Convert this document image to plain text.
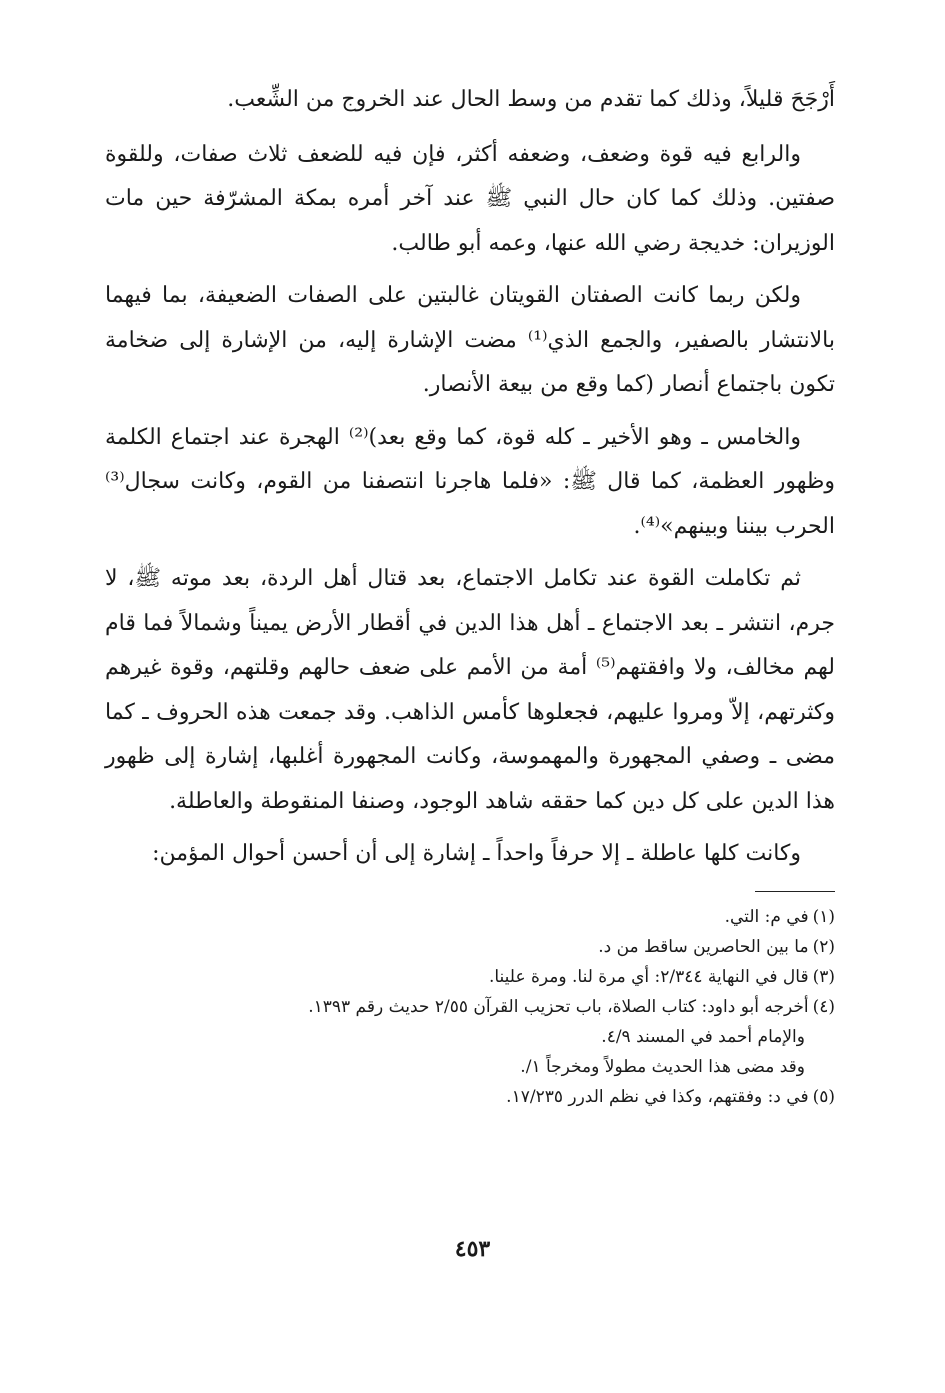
أَرْجَحَ قليلاً، وذلك كما تقدم من وسط الحال عند الخروج من الشِّعب.

والرابع فيه قوة وضعف، وضعفه أكثر، فإن فيه للضعف ثلاث صفات، وللقوة صفتين. وذلك كما كان حال النبي ﷺ عند آخر أمره بمكة المشرّفة حين مات الوزيران: خديجة رضي الله عنها، وعمه أبو طالب.

ولكن ربما كانت الصفتان القويتان غالبتين على الصفات الضعيفة، بما فيهما بالانتشار بالصفير، والجمع الذي⁽¹⁾ مضت الإشارة إليه، من الإشارة إلى ضخامة تكون باجتماع أنصار (كما وقع من بيعة الأنصار.

والخامس ـ وهو الأخير ـ كله قوة، كما وقع بعد)⁽²⁾ الهجرة عند اجتماع الكلمة وظهور العظمة، كما قال ﷺ: «فلما هاجرنا انتصفنا من القوم، وكانت سجال⁽³⁾ الحرب بيننا وبينهم»⁽⁴⁾.

ثم تكاملت القوة عند تكامل الاجتماع، بعد قتال أهل الردة، بعد موته ﷺ، لا جرم، انتشر ـ بعد الاجتماع ـ أهل هذا الدين في أقطار الأرض يميناً وشمالاً فما قام لهم مخالف، ولا وافقتهم⁽⁵⁾ أمة من الأمم على ضعف حالهم وقلتهم، وقوة غيرهم وكثرتهم، إلاّ ومروا عليهم، فجعلوها كأمس الذاهب. وقد جمعت هذه الحروف ـ كما مضى ـ وصفي المجهورة والمهموسة، وكانت المجهورة أغلبها، إشارة إلى ظهور هذا الدين على كل دين كما حققه شاهد الوجود، وصنفا المنقوطة والعاطلة.

وكانت كلها عاطلة ـ إلا حرفاً واحداً ـ إشارة إلى أن أحسن أحوال المؤمن:

(١)في م: التي.

(٢)ما بين الحاصرين ساقط من د.

(٣)قال في النهاية ٢/٣٤٤: أي مرة لنا. ومرة علينا.

(٤)أخرجه أبو داود: كتاب الصلاة، باب تحزيب القرآن ٢/٥٥ حديث رقم ١٣٩٣.

والإمام أحمد في المسند ٤/٩.

وقد مضى هذا الحديث مطولاً ومخرجاً ١/.

(٥)في د: وفقتهم، وكذا في نظم الدرر ١٧/٢٣٥.

٤٥٣
